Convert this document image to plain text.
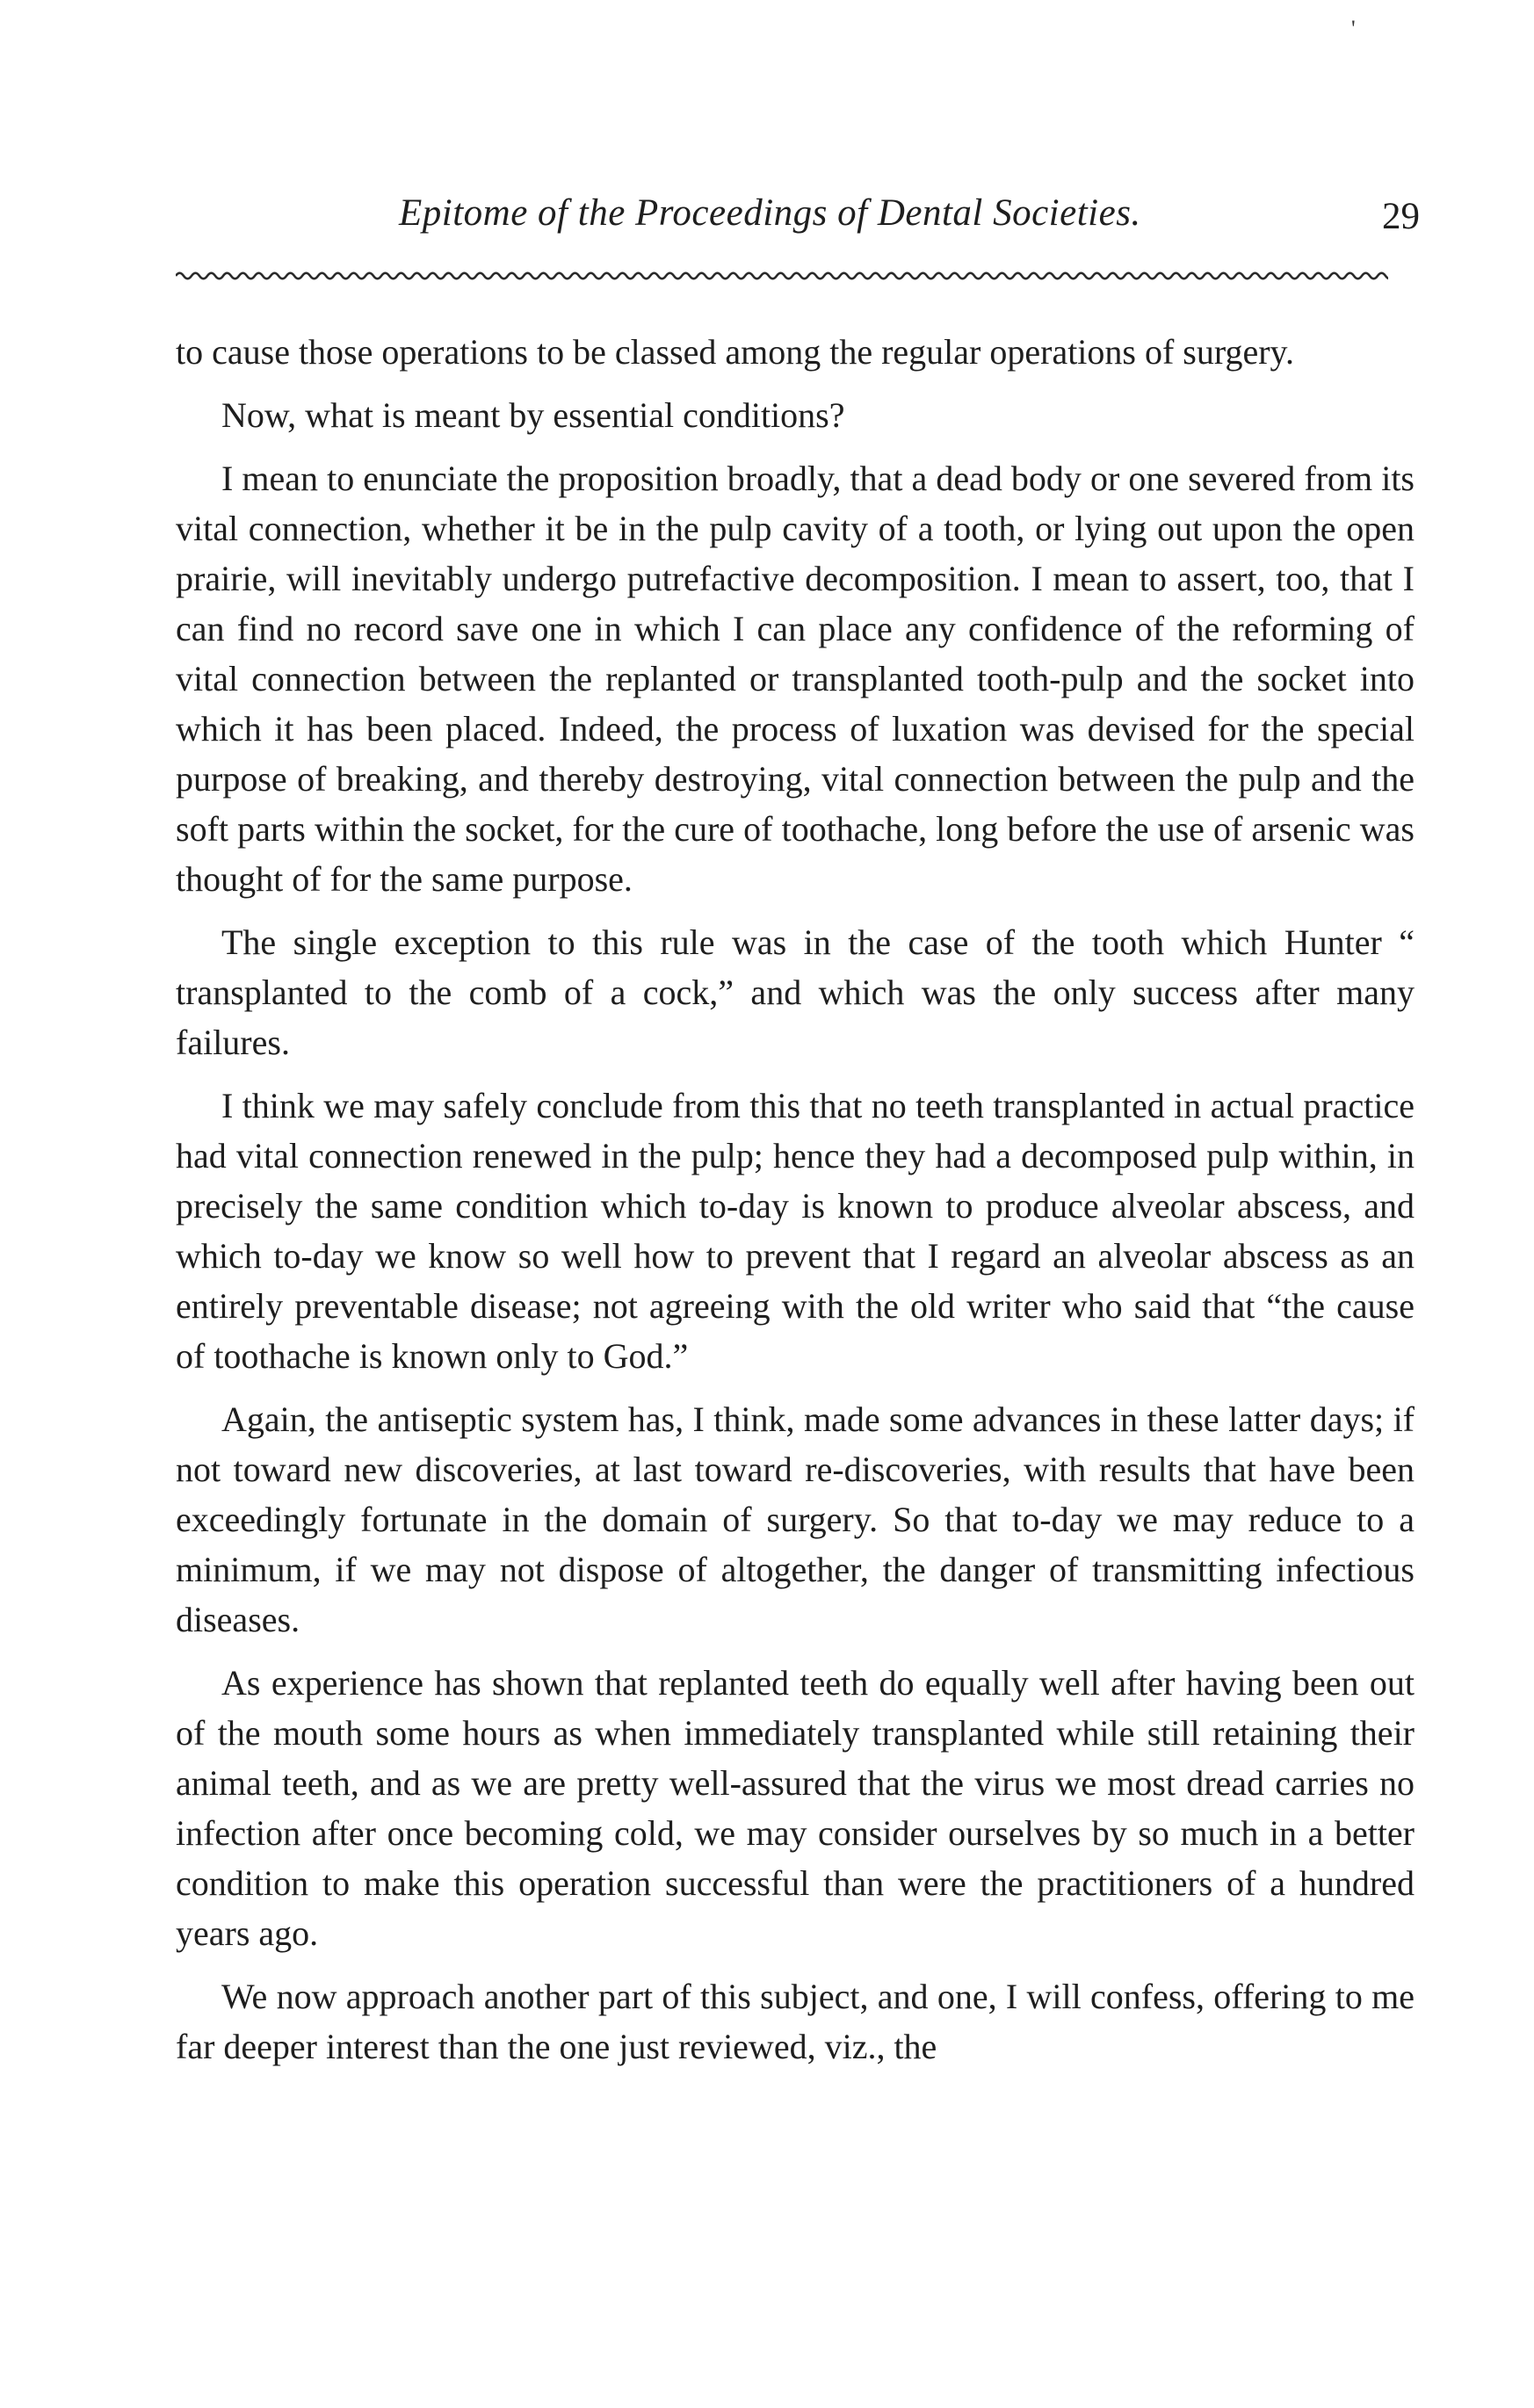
'
Epitome of the Proceedings of Dental Societies.	29

to cause those operations to be classed among the regular operations of surgery.

Now, what is meant by essential conditions?

I mean to enunciate the proposition broadly, that a dead body or one severed from its vital connection, whether it be in the pulp cavity of a tooth, or lying out upon the open prairie, will inevitably undergo putrefactive decomposition. I mean to assert, too, that I can find no record save one in which I can place any confidence of the reforming of vital connection between the replanted or transplanted tooth-pulp and the socket into which it has been placed. Indeed, the process of luxation was devised for the special purpose of breaking, and thereby destroying, vital connection between the pulp and the soft parts within the socket, for the cure of toothache, long before the use of arsenic was thought of for the same purpose.

The single exception to this rule was in the case of the tooth which Hunter “ transplanted to the comb of a cock,” and which was the only success after many failures.

I think we may safely conclude from this that no teeth transplanted in actual practice had vital connection renewed in the pulp; hence they had a decomposed pulp within, in precisely the same condition which to-day is known to produce alveolar abscess, and which to-day we know so well how to prevent that I regard an alveolar abscess as an entirely preventable disease; not agreeing with the old writer who said that “the cause of toothache is known only to God.”

Again, the antiseptic system has, I think, made some advances in these latter days; if not toward new discoveries, at last toward re-discoveries, with results that have been exceedingly fortunate in the domain of surgery. So that to-day we may reduce to a minimum, if we may not dispose of altogether, the danger of transmitting infectious diseases.

As experience has shown that replanted teeth do equally well after having been out of the mouth some hours as when immediately transplanted while still retaining their animal teeth, and as we are pretty well-assured that the virus we most dread carries no infection after once becoming cold, we may consider ourselves by so much in a better condition to make this operation successful than were the practitioners of a hundred years ago.

We now approach another part of this subject, and one, I will confess, offering to me far deeper interest than the one just reviewed, viz., the
